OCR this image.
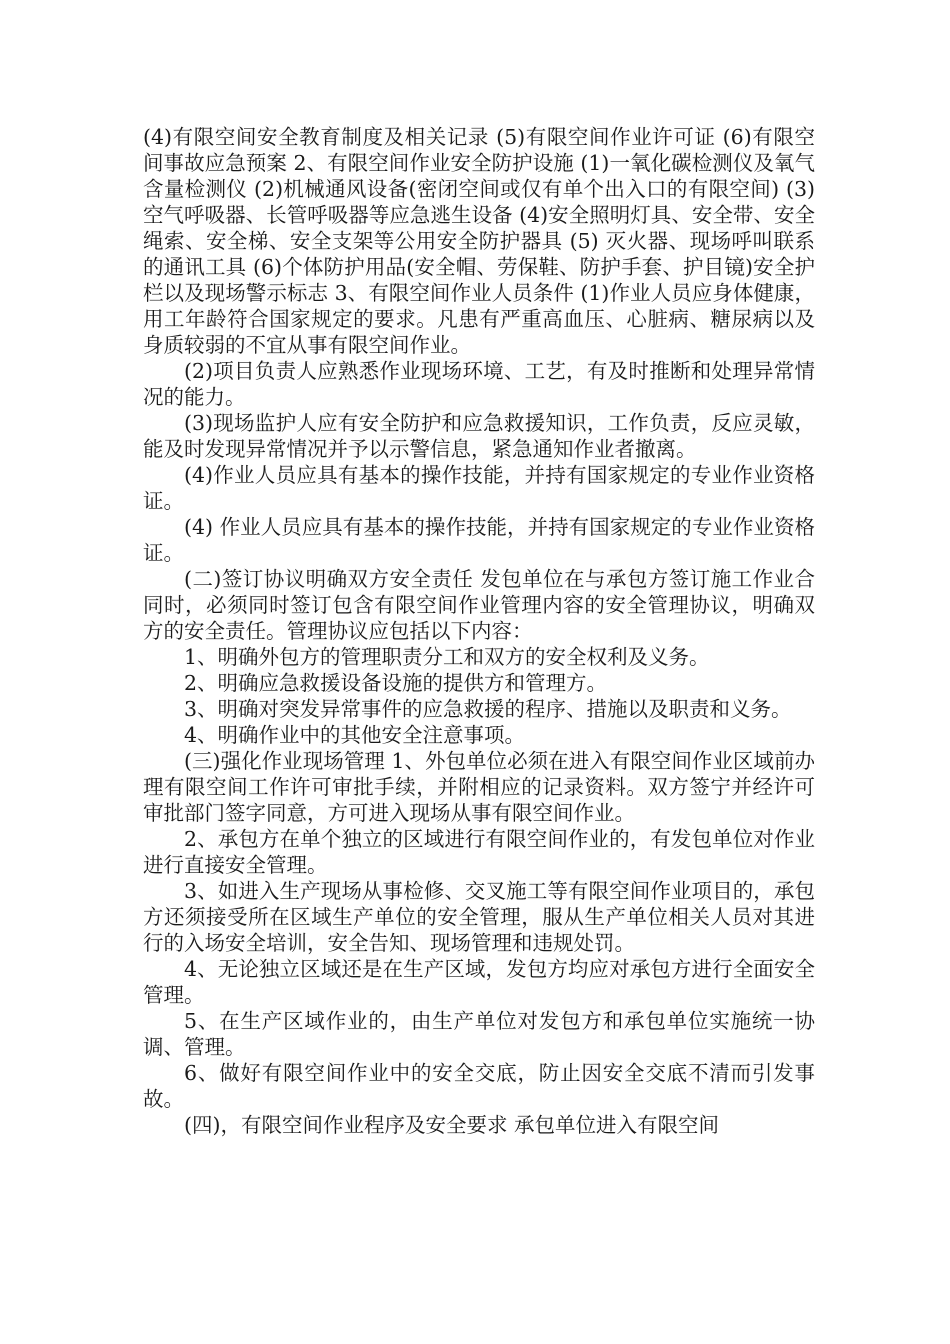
(4)有限空间安全教育制度及相关记录 (5)有限空间作业许可证 (6)有限空间事故应急预案 2、有限空间作业安全防护设施 (1)一氧化碳检测仪及氧气含量检测仪 (2)机械通风设备(密闭空间或仅有单个出入口的有限空间) (3)空气呼吸器、长管呼吸器等应急逃生设备 (4)安全照明灯具、安全带、安全绳索、安全梯、安全支架等公用安全防护器具 (5) 灭火器、现场呼叫联系的通讯工具 (6)个体防护用品(安全帽、劳保鞋、防护手套、护目镜)安全护栏以及现场警示标志 3、有限空间作业人员条件 (1)作业人员应身体健康，用工年龄符合国家规定的要求。凡患有严重高血压、心脏病、糖尿病以及身质较弱的不宜从事有限空间作业。

(2)项目负责人应熟悉作业现场环境、工艺，有及时推断和处理异常情况的能力。

(3)现场监护人应有安全防护和应急救援知识，工作负责，反应灵敏，能及时发现异常情况并予以示警信息，紧急通知作业者撤离。

(4)作业人员应具有基本的操作技能，并持有国家规定的专业作业资格证。

(4) 作业人员应具有基本的操作技能，并持有国家规定的专业作业资格证。

(二)签订协议明确双方安全责任 发包单位在与承包方签订施工作业合同时，必须同时签订包含有限空间作业管理内容的安全管理协议，明确双方的安全责任。管理协议应包括以下内容：

1、明确外包方的管理职责分工和双方的安全权利及义务。

2、明确应急救援设备设施的提供方和管理方。

3、明确对突发异常事件的应急救援的程序、措施以及职责和义务。

4、明确作业中的其他安全注意事项。

(三)强化作业现场管理 1、外包单位必须在进入有限空间作业区域前办理有限空间工作许可审批手续，并附相应的记录资料。双方签宁并经许可审批部门签字同意，方可进入现场从事有限空间作业。

2、承包方在单个独立的区域进行有限空间作业的，有发包单位对作业进行直接安全管理。

3、如进入生产现场从事检修、交叉施工等有限空间作业项目的，承包方还须接受所在区域生产单位的安全管理，服从生产单位相关人员对其进行的入场安全培训，安全告知、现场管理和违规处罚。

4、无论独立区域还是在生产区域，发包方均应对承包方进行全面安全管理。

5、在生产区域作业的，由生产单位对发包方和承包单位实施统一协调、管理。

6、做好有限空间作业中的安全交底，防止因安全交底不清而引发事故。

(四)，有限空间作业程序及安全要求 承包单位进入有限空间
